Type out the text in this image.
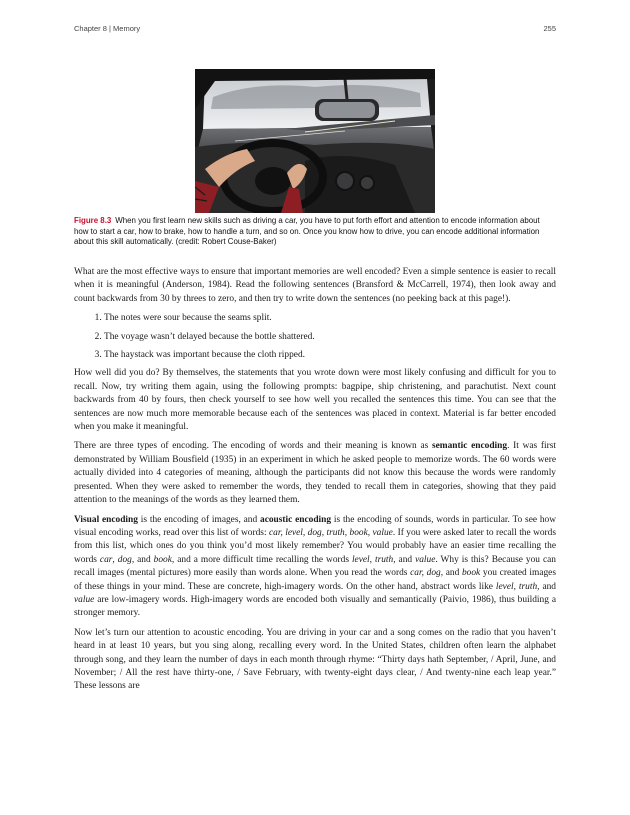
Chapter 8 | Memory	255
Figure 8.3 When you first learn new skills such as driving a car, you have to put forth effort and attention to encode information about how to start a car, how to brake, how to handle a turn, and so on. Once you know how to drive, you can encode additional information about this skill automatically. (credit: Robert Couse-Baker)

What are the most effective ways to ensure that important memories are well encoded? Even a simple sentence is easier to recall when it is meaningful (Anderson, 1984). Read the following sentences (Bransford & McCarrell, 1974), then look away and count backwards from 30 by threes to zero, and then try to write down the sentences (no peeking back at this page!).

1. The notes were sour because the seams split.
2. The voyage wasn’t delayed because the bottle shattered.
3. The haystack was important because the cloth ripped.

How well did you do? By themselves, the statements that you wrote down were most likely confusing and difficult for you to recall. Now, try writing them again, using the following prompts: bagpipe, ship christening, and parachutist. Next count backwards from 40 by fours, then check yourself to see how well you recalled the sentences this time. You can see that the sentences are now much more memorable because each of the sentences was placed in context. Material is far better encoded when you make it meaningful.

There are three types of encoding. The encoding of words and their meaning is known as semantic encoding. It was first demonstrated by William Bousfield (1935) in an experiment in which he asked people to memorize words. The 60 words were actually divided into 4 categories of meaning, although the participants did not know this because the words were randomly presented. When they were asked to remember the words, they tended to recall them in categories, showing that they paid attention to the meanings of the words as they learned them.

Visual encoding is the encoding of images, and acoustic encoding is the encoding of sounds, words in particular. To see how visual encoding works, read over this list of words: car, level, dog, truth, book, value. If you were asked later to recall the words from this list, which ones do you think you’d most likely remember? You would probably have an easier time recalling the words car, dog, and book, and a more difficult time recalling the words level, truth, and value. Why is this? Because you can recall images (mental pictures) more easily than words alone. When you read the words car, dog, and book you created images of these things in your mind. These are concrete, high-imagery words. On the other hand, abstract words like level, truth, and value are low-imagery words. High-imagery words are encoded both visually and semantically (Paivio, 1986), thus building a stronger memory.

Now let’s turn our attention to acoustic encoding. You are driving in your car and a song comes on the radio that you haven’t heard in at least 10 years, but you sing along, recalling every word. In the United States, children often learn the alphabet through song, and they learn the number of days in each month through rhyme: “Thirty days hath September, / April, June, and November; / All the rest have thirty-one, / Save February, with twenty-eight days clear, / And twenty-nine each leap year.” These lessons are
